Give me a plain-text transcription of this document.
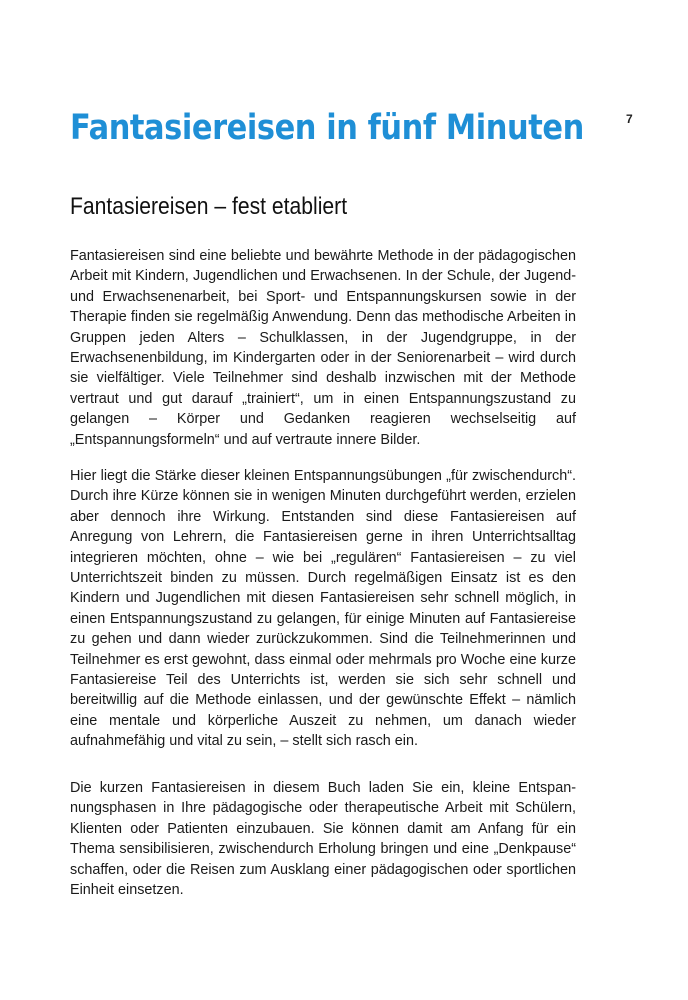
7
Fantasiereisen in fünf Minuten
Fantasiereisen – fest etabliert

Fantasiereisen sind eine beliebte und bewährte Methode in der pädagogischen Arbeit mit Kindern, Jugendlichen und Erwachsenen. In der Schule, der Jugend- und Erwachsenenarbeit, bei Sport- und Entspannungskursen sowie in der Therapie finden sie regelmäßig Anwendung. Denn das methodische Arbeiten in Gruppen jeden Alters – Schulklassen, in der Jugendgruppe, in der Erwachsenenbildung, im Kindergarten oder in der Seniorenarbeit – wird durch sie vielfältiger. Viele Teilnehmer sind deshalb inzwischen mit der Methode vertraut und gut darauf „trainiert“, um in einen Entspannungszustand zu gelangen – Körper und Gedanken reagieren wechselseitig auf „Entspannungsformeln“ und auf vertraute innere Bilder.

Hier liegt die Stärke dieser kleinen Entspannungsübungen „für zwischendurch“. Durch ihre Kürze können sie in wenigen Minuten durchgeführt werden, erzielen aber dennoch ihre Wirkung. Entstanden sind diese Fantasiereisen auf Anregung von Lehrern, die Fantasiereisen gerne in ihren Unterrichtsalltag integrieren möchten, ohne – wie bei „regulären“ Fantasiereisen – zu viel Unterrichtszeit binden zu müssen. Durch regelmäßigen Einsatz ist es den Kindern und Jugendlichen mit diesen Fantasiereisen sehr schnell möglich, in einen Entspannungszustand zu gelangen, für einige Minuten auf Fantasiereise zu gehen und dann wieder zurückzukommen. Sind die Teilnehmerinnen und Teilnehmer es erst gewohnt, dass einmal oder mehrmals pro Woche eine kurze Fantasiereise Teil des Unterrichts ist, werden sie sich sehr schnell und bereitwillig auf die Methode einlassen, und der gewünschte Effekt – nämlich eine mentale und körperliche Auszeit zu nehmen, um danach wieder aufnahmefähig und vital zu sein, – stellt sich rasch ein.

Die kurzen Fantasiereisen in diesem Buch laden Sie ein, kleine Entspannungsphasen in Ihre pädagogische oder therapeutische Arbeit mit Schülern, Klienten oder Patienten einzubauen. Sie können damit am Anfang für ein Thema sensibilisieren, zwischendurch Erholung bringen und eine „Denkpause“ schaffen, oder die Reisen zum Ausklang einer pädagogischen oder sportlichen Einheit einsetzen.
